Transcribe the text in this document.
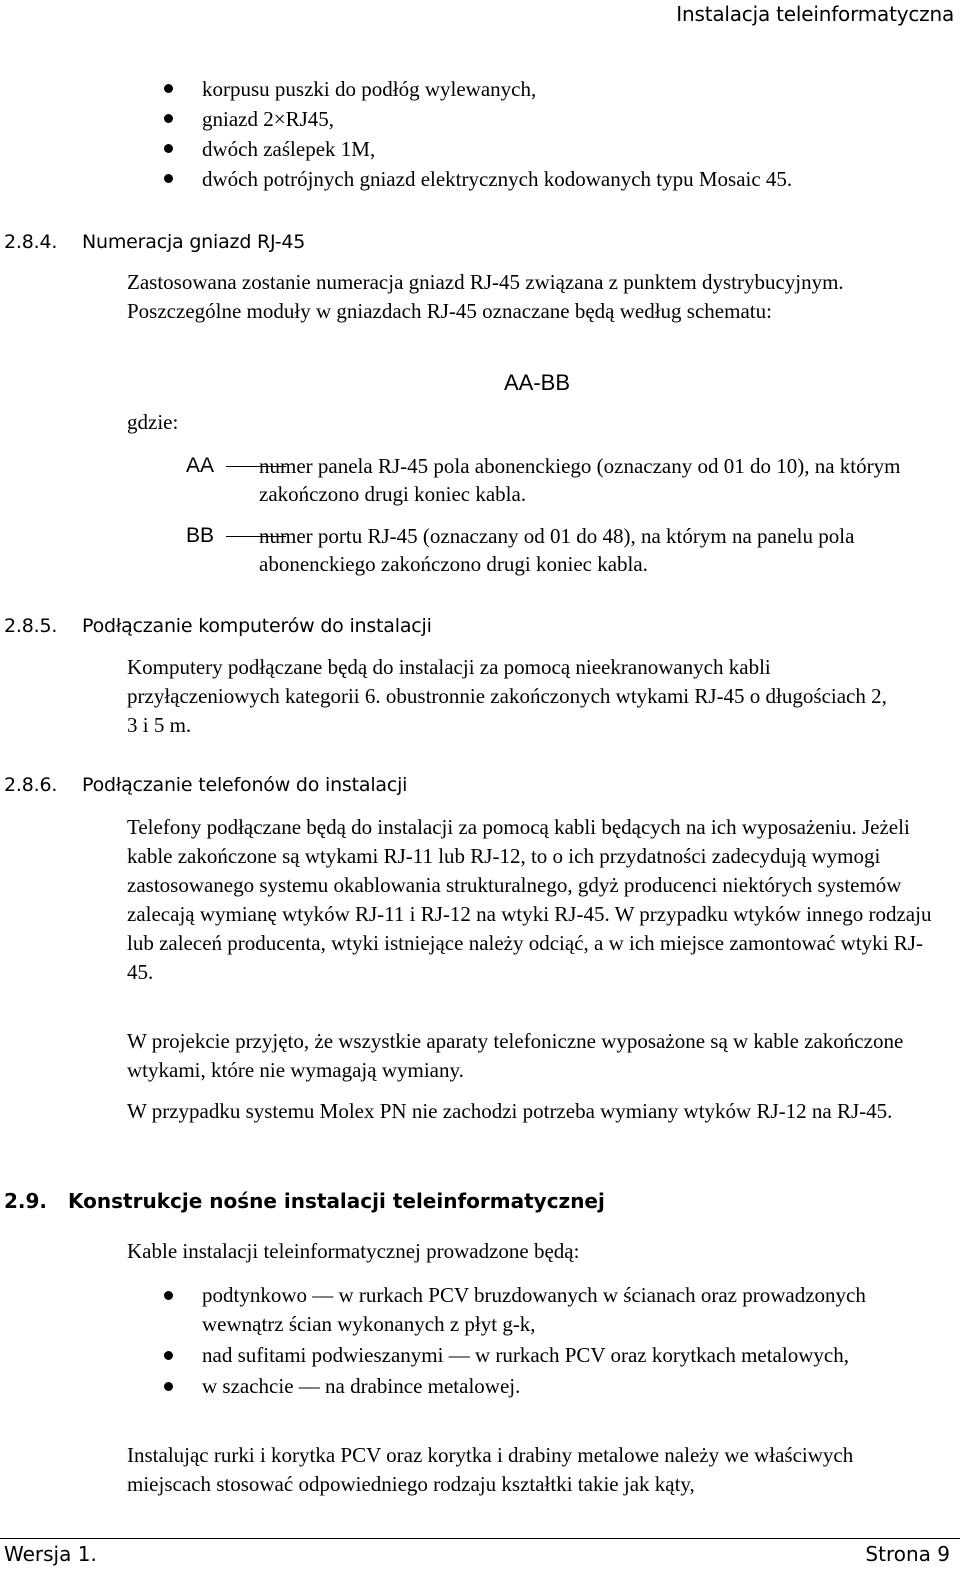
Instalacja teleinformatyczna
korpusu puszki do podłóg wylewanych,
gniazd 2×RJ45,
dwóch zaślepek 1M,
dwóch potrójnych gniazd elektrycznych kodowanych typu Mosaic 45.
2.8.4. Numeracja gniazd RJ-45

Zastosowana zostanie numeracja gniazd RJ-45 związana z punktem dystrybucyjnym. Poszczególne moduły w gniazdach RJ-45 oznaczane będą według schematu:

AA-BB
gdzie:
AA numer panela RJ-45 pola abonenckiego (oznaczany od 01 do 10), na którym zakończono drugi koniec kabla.
BB numer portu RJ-45 (oznaczany od 01 do 48), na którym na panelu pola abonenckiego zakończono drugi koniec kabla.
2.8.5. Podłączanie komputerów do instalacji

Komputery podłączane będą do instalacji za pomocą nieekranowanych kabli przyłączeniowych kategorii 6. obustronnie zakończonych wtykami RJ-45 o długościach 2, 3 i 5 m.

2.8.6. Podłączanie telefonów do instalacji

Telefony podłączane będą do instalacji za pomocą kabli będących na ich wyposażeniu. Jeżeli kable zakończone są wtykami RJ-11 lub RJ-12, to o ich przydatności zadecydują wymogi zastosowanego systemu okablowania strukturalnego, gdyż producenci niektórych systemów zalecają wymianę wtyków RJ-11 i RJ-12 na wtyki RJ-45. W przypadku wtyków innego rodzaju lub zaleceń producenta, wtyki istniejące należy odciąć, a w ich miejsce zamontować wtyki RJ-45.

W projekcie przyjęto, że wszystkie aparaty telefoniczne wyposażone są w kable zakończone wtykami, które nie wymagają wymiany.

W przypadku systemu Molex PN nie zachodzi potrzeba wymiany wtyków RJ-12 na RJ-45.

2.9. Konstrukcje nośne instalacji teleinformatycznej

Kable instalacji teleinformatycznej prowadzone będą:

podtynkowo — w rurkach PCV bruzdowanych w ścianach oraz prowadzonych wewnątrz ścian wykonanych z płyt g-k,
nad sufitami podwieszanymi — w rurkach PCV oraz korytkach metalowych,
w szachcie — na drabince metalowej.

Instalując rurki i korytka PCV oraz korytka i drabiny metalowe należy we właściwych miejscach stosować odpowiedniego rodzaju kształtki takie jak kąty,

Wersja 1.	Strona 9
